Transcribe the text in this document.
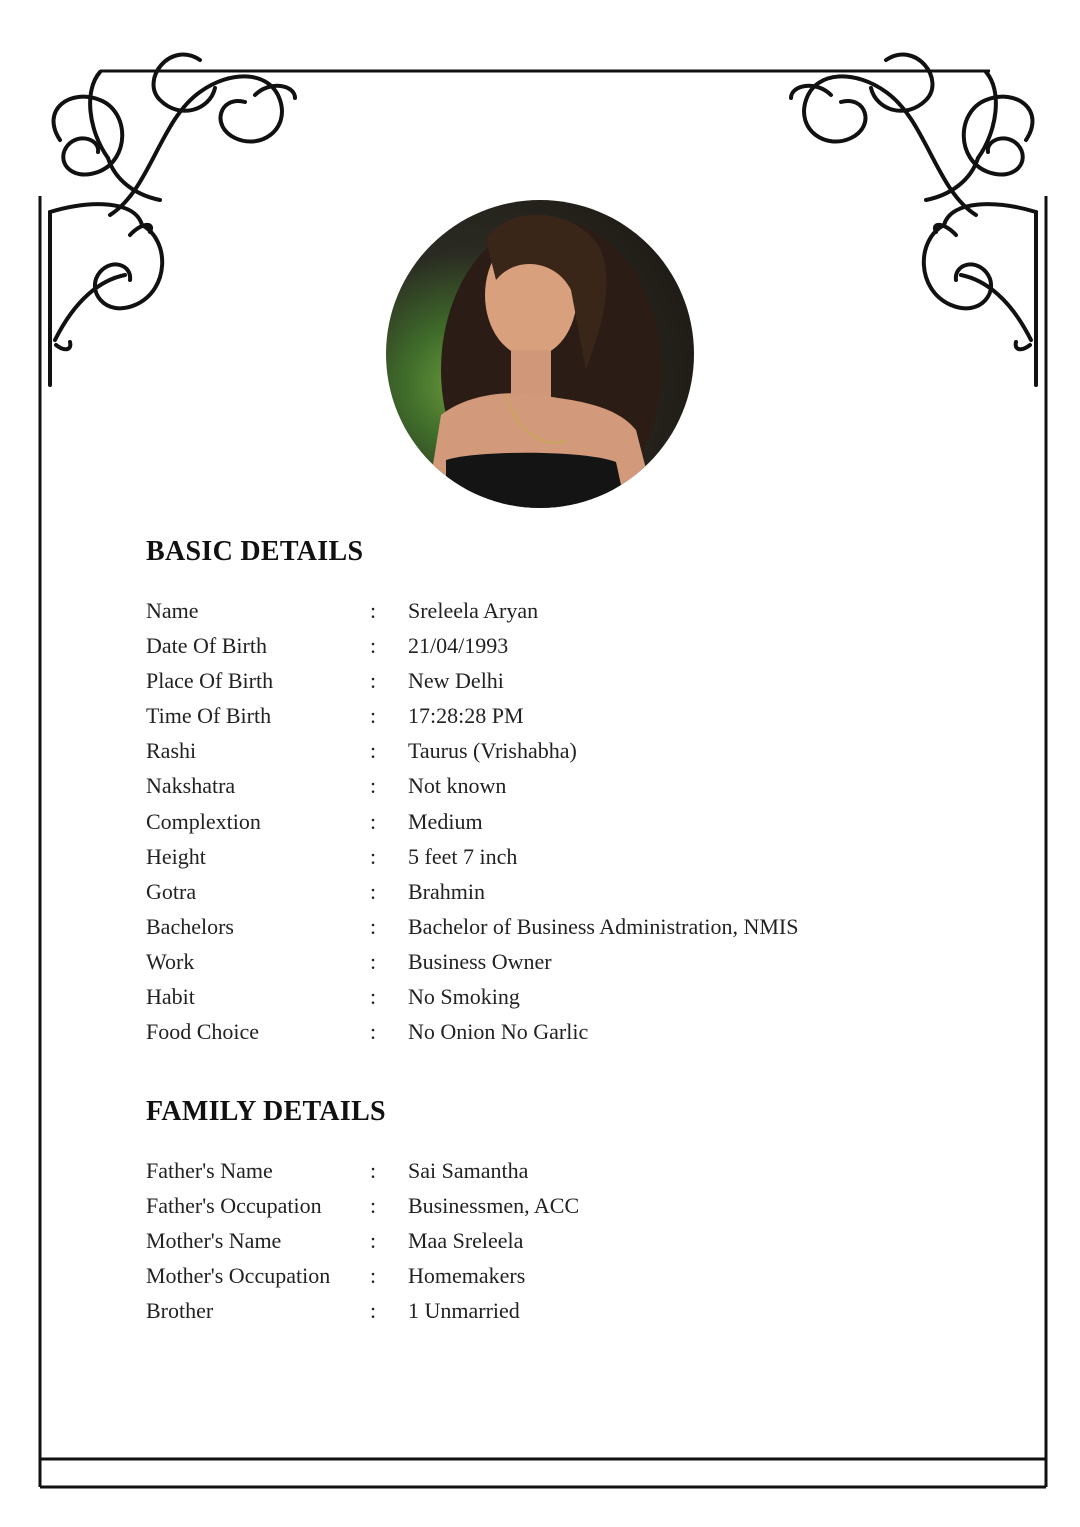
BASIC DETAILS
Name	: Sreleela Aryan
Date Of Birth	: 21/04/1993
Place Of Birth	: New Delhi
Time Of Birth	: 17:28:28 PM
Rashi	: Taurus (Vrishabha)
Nakshatra	: Not known
Complextion	: Medium
Height	: 5 feet 7 inch
Gotra	: Brahmin
Bachelors	: Bachelor of Business Administration, NMIS
Work	: Business Owner
Habit	: No Smoking
Food Choice	: No Onion No Garlic
FAMILY DETAILS
Father's Name	: Sai Samantha
Father's Occupation : Businessmen, ACC
Mother's Name	: Maa Sreleela
Mother's Occupation : Homemakers
Brother	: 1 Unmarried
